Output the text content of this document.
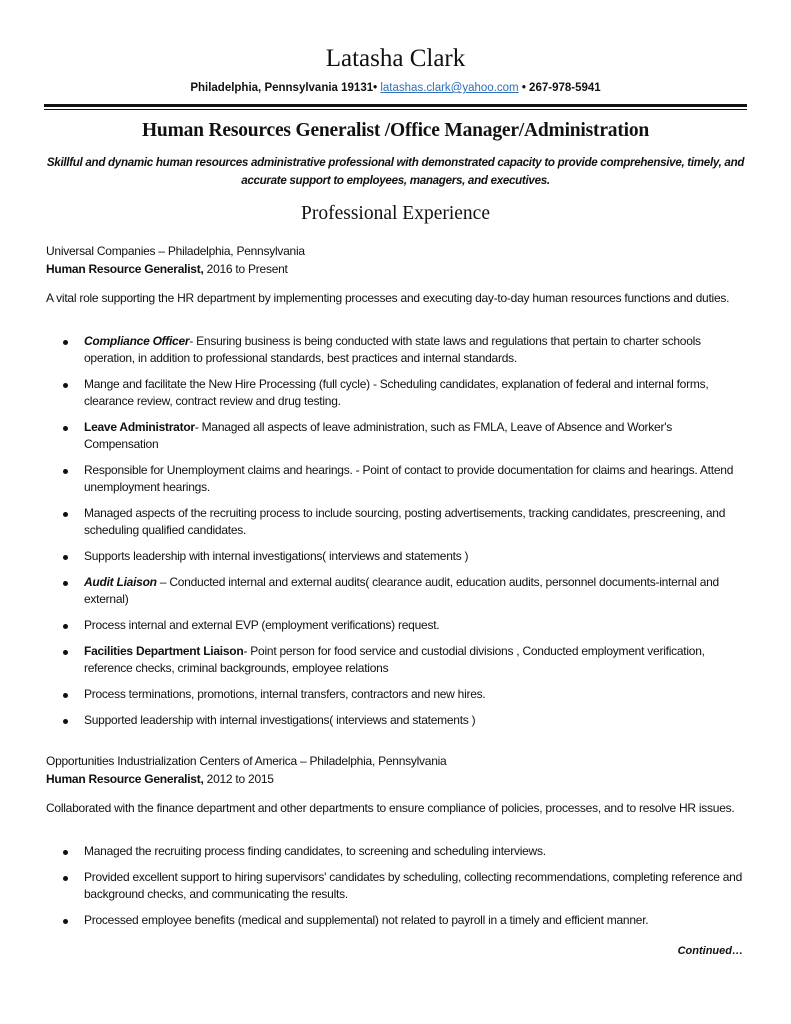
Latasha Clark
Philadelphia, Pennsylvania 19131• latashas.clark@yahoo.com • 267-978-5941
Human Resources Generalist /Office Manager/Administration
Skillful and dynamic human resources administrative professional with demonstrated capacity to provide comprehensive, timely, and accurate support to employees, managers, and executives.
Professional Experience
Universal Companies – Philadelphia, Pennsylvania
Human Resource Generalist, 2016 to Present
A vital role supporting the HR department by implementing processes and executing day-to-day human resources functions and duties.
Compliance Officer- Ensuring business is being conducted with state laws and regulations that pertain to charter schools operation, in addition to professional standards, best practices and internal standards.
Mange and facilitate the New Hire Processing (full cycle) - Scheduling candidates, explanation of federal and internal forms, clearance review, contract review and drug testing.
Leave Administrator- Managed all aspects of leave administration, such as FMLA, Leave of Absence and Worker's Compensation
Responsible for Unemployment claims and hearings. - Point of contact to provide documentation for claims and hearings. Attend unemployment hearings.
Managed aspects of the recruiting process to include sourcing, posting advertisements, tracking candidates, prescreening, and scheduling qualified candidates.
Supports leadership with internal investigations( interviews and statements )
Audit Liaison – Conducted internal and external audits( clearance audit, education audits, personnel documents-internal and external)
Process internal and external EVP (employment verifications) request.
Facilities Department Liaison- Point person for food service and custodial divisions , Conducted employment verification, reference checks, criminal backgrounds, employee relations
Process terminations, promotions, internal transfers, contractors and new hires.
Supported leadership with internal investigations( interviews and statements )
Opportunities Industrialization Centers of America – Philadelphia, Pennsylvania
Human Resource Generalist, 2012 to 2015
Collaborated with the finance department and other departments to ensure compliance of policies, processes, and to resolve HR issues.
Managed the recruiting process finding candidates, to screening and scheduling interviews.
Provided excellent support to hiring supervisors' candidates by scheduling, collecting recommendations, completing reference and background checks, and communicating the results.
Processed employee benefits (medical and supplemental) not related to payroll in a timely and efficient manner.
Continued…
